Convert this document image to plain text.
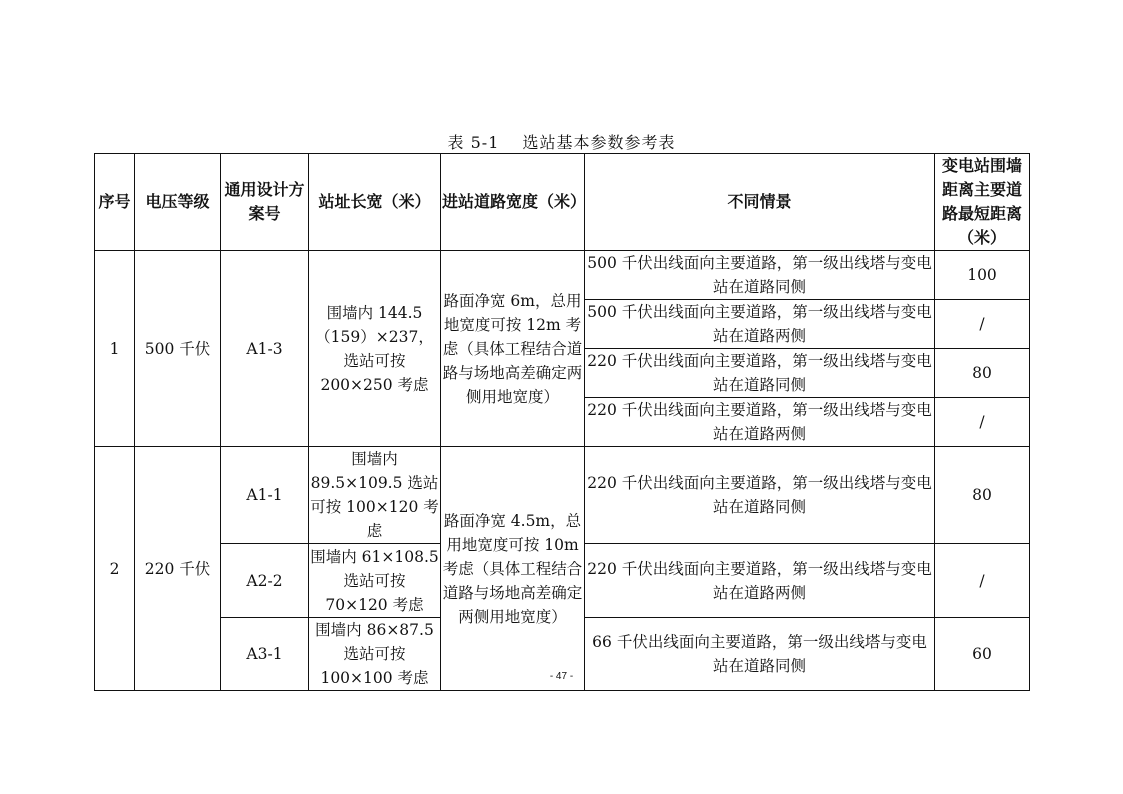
表 5-1　 选站基本参数参考表
序号	电压等级	通用设计方案号	站址长宽（米）	进站道路宽度（米）	不同情景	变电站围墙距离主要道路最短距离（米）
1	500 千伏	A1-3	围墙内 144.5（159）×237，选站可按 200×250 考虑	路面净宽 6m，总用地宽度可按 12m 考虑（具体工程结合道路与场地高差确定两侧用地宽度）	500 千伏出线面向主要道路，第一级出线塔与变电站在道路同侧	100
					500 千伏出线面向主要道路，第一级出线塔与变电站在道路两侧	/
					220 千伏出线面向主要道路，第一级出线塔与变电站在道路同侧	80
					220 千伏出线面向主要道路，第一级出线塔与变电站在道路两侧	/
2	220 千伏	A1-1	围墙内 89.5×109.5 选站可按 100×120 考虑	路面净宽 4.5m，总用地宽度可按 10m 考虑（具体工程结合道路与场地高差确定两侧用地宽度）	220 千伏出线面向主要道路，第一级出线塔与变电站在道路同侧	80
		A2-2	围墙内 61×108.5 选站可按 70×120 考虑		220 千伏出线面向主要道路，第一级出线塔与变电站在道路两侧	/
		A3-1	围墙内 86×87.5 选站可按 100×100 考虑		66 千伏出线面向主要道路，第一级出线塔与变电站在道路同侧	60
- 47 -
